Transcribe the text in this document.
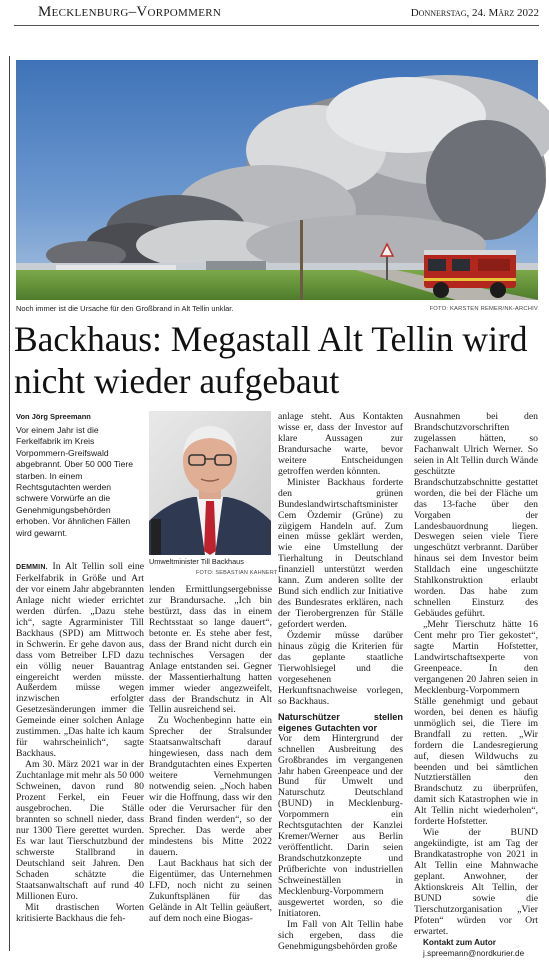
Mecklenburg–Vorpommern	Donnerstag, 24. März 2022
Noch immer ist die Ursache für den Großbrand in Alt Tellin unklar.	FOTO: KARSTEN REMER/NK-ARCHIV
Backhaus: Megastall Alt Tellin wird nicht wieder aufgebaut
Von Jörg Spreemann

Vor einem Jahr ist die Ferkelfabrik im Kreis Vorpommern-Greifswald abgebrannt. Über 50 000 Tiere starben. In einem Rechtsgutachten werden schwere Vorwürfe an die Genehmigungsbehörden erhoben. Vor ähnlichen Fällen wird gewarnt.

Umweltminister Till Backhaus
FOTO: SEBASTIAN KAHNERT

DEMMIN. In Alt Tellin soll eine Ferkelfabrik in Größe und Art der vor einem Jahr abgebrannten Anlage nicht wieder errichtet werden dürfen. „Dazu stehe ich“, sagte Agrarminister Till Backhaus (SPD) am Mittwoch in Schwerin. Er gehe davon aus, dass vom Betreiber LFD dazu ein völlig neuer Bauantrag eingereicht werden müsste. Außerdem müsse wegen inzwischen erfolgter Gesetzesänderungen immer die Gemeinde einer solchen Anlage zustimmen. „Das halte ich kaum für wahrscheinlich“, sagte Backhaus.

Am 30. März 2021 war in der Zuchtanlage mit mehr als 50 000 Schweinen, davon rund 80 Prozent Ferkel, ein Feuer ausgebrochen. Die Ställe brannten so schnell nieder, dass nur 1300 Tiere gerettet wurden. Es war laut Tierschutzbund der schwerste Stallbrand in Deutschland seit Jahren. Den Schaden schätzte die Staatsanwaltschaft auf rund 40 Millionen Euro.

Mit drastischen Worten kritisierte Backhaus die feh-

lenden Ermittlungsergebnisse zur Brandursache. „Ich bin bestürzt, dass das in einem Rechtsstaat so lange dauert“, betonte er. Es stehe aber fest, dass der Brand nicht durch ein technisches Versagen der Anlage entstanden sei. Gegner der Massentierhaltung hatten immer wieder angezweifelt, dass der Brandschutz in Alt Tellin ausreichend sei.

Zu Wochenbeginn hatte ein Sprecher der Stralsunder Staatsanwaltschaft darauf hingewiesen, dass nach dem Brandgutachten eines Experten weitere Vernehmungen notwendig seien. „Noch haben wir die Hoffnung, dass wir den oder die Verursacher für den Brand finden werden“, so der Sprecher. Das werde aber mindestens bis Mitte 2022 dauern.

Laut Backhaus hat sich der Eigentümer, das Unternehmen LFD, noch nicht zu seinen Zukunftsplänen für das Gelände in Alt Tellin geäußert, auf dem noch eine Biogas-

anlage steht. Aus Kontakten wisse er, dass der Investor auf klare Aussagen zur Brandursache warte, bevor weitere Entscheidungen getroffen werden könnten.

Minister Backhaus forderte den grünen Bundeslandwirtschaftsminister Cem Özdemir (Grüne) zu zügigem Handeln auf. Zum einen müsse geklärt werden, wie eine Umstellung der Tierhaltung in Deutschland finanziell unterstützt werden kann. Zum anderen sollte der Bund sich endlich zur Initiative des Bundesrates erklären, nach der Tierobergrenzen für Ställe gefordert werden.

Özdemir müsse darüber hinaus zügig die Kriterien für das geplante staatliche Tierwohlsiegel und die vorgesehenen Herkunftsnachweise vorlegen, so Backhaus.

Naturschützer stellen eigenes Gutachten vor

Vor dem Hintergrund der schnellen Ausbreitung des Großbrandes im vergangenen Jahr haben Greenpeace und der Bund für Umwelt und Naturschutz Deutschland (BUND) in Mecklenburg-Vorpommern ein Rechtsgutachten der Kanzlei Kremer/Werner aus Berlin veröffentlicht. Darin seien Brandschutzkonzepte und Prüfberichte von industriellen Schweineställen in Mecklenburg-Vorpommern ausgewertet worden, so die Initiatoren.

Im Fall von Alt Tellin habe sich ergeben, dass die Genehmigungsbehörden große

Ausnahmen bei den Brandschutzvorschriften zugelassen hätten, so Fachanwalt Ulrich Werner. So seien in Alt Tellin durch Wände geschützte Brandschutzabschnitte gestattet worden, die bei der Fläche um das 13-fache über den Vorgaben der Landesbauordnung liegen. Deswegen seien viele Tiere ungeschützt verbrannt. Darüber hinaus sei dem Investor beim Stalldach eine ungeschützte Stahlkonstruktion erlaubt worden. Das habe zum schnellen Einsturz des Gebäudes geführt.

„Mehr Tierschutz hätte 16 Cent mehr pro Tier gekostet“, sagte Martin Hofstetter, Landwirtschaftsexperte von Greenpeace. In den vergangenen 20 Jahren seien in Mecklenburg-Vorpommern Ställe genehmigt und gebaut worden, bei denen es häufig unmöglich sei, die Tiere im Brandfall zu retten. „Wir fordern die Landesregierung auf, diesen Wildwuchs zu beenden und bei sämtlichen Nutztierställen den Brandschutz zu überprüfen, damit sich Katastrophen wie in Alt Tellin nicht wiederholen“, forderte Hofstetter.

Wie der BUND angekündigte, ist am Tag der Brandkatastrophe von 2021 in Alt Tellin eine Mahnwache geplant. Anwohner, der Aktionskreis Alt Tellin, der BUND sowie die Tierschutzorganisation „Vier Pfoten“ würden vor Ort erwartet.

Kontakt zum Autor

j.spreemann@nordkurier.de
